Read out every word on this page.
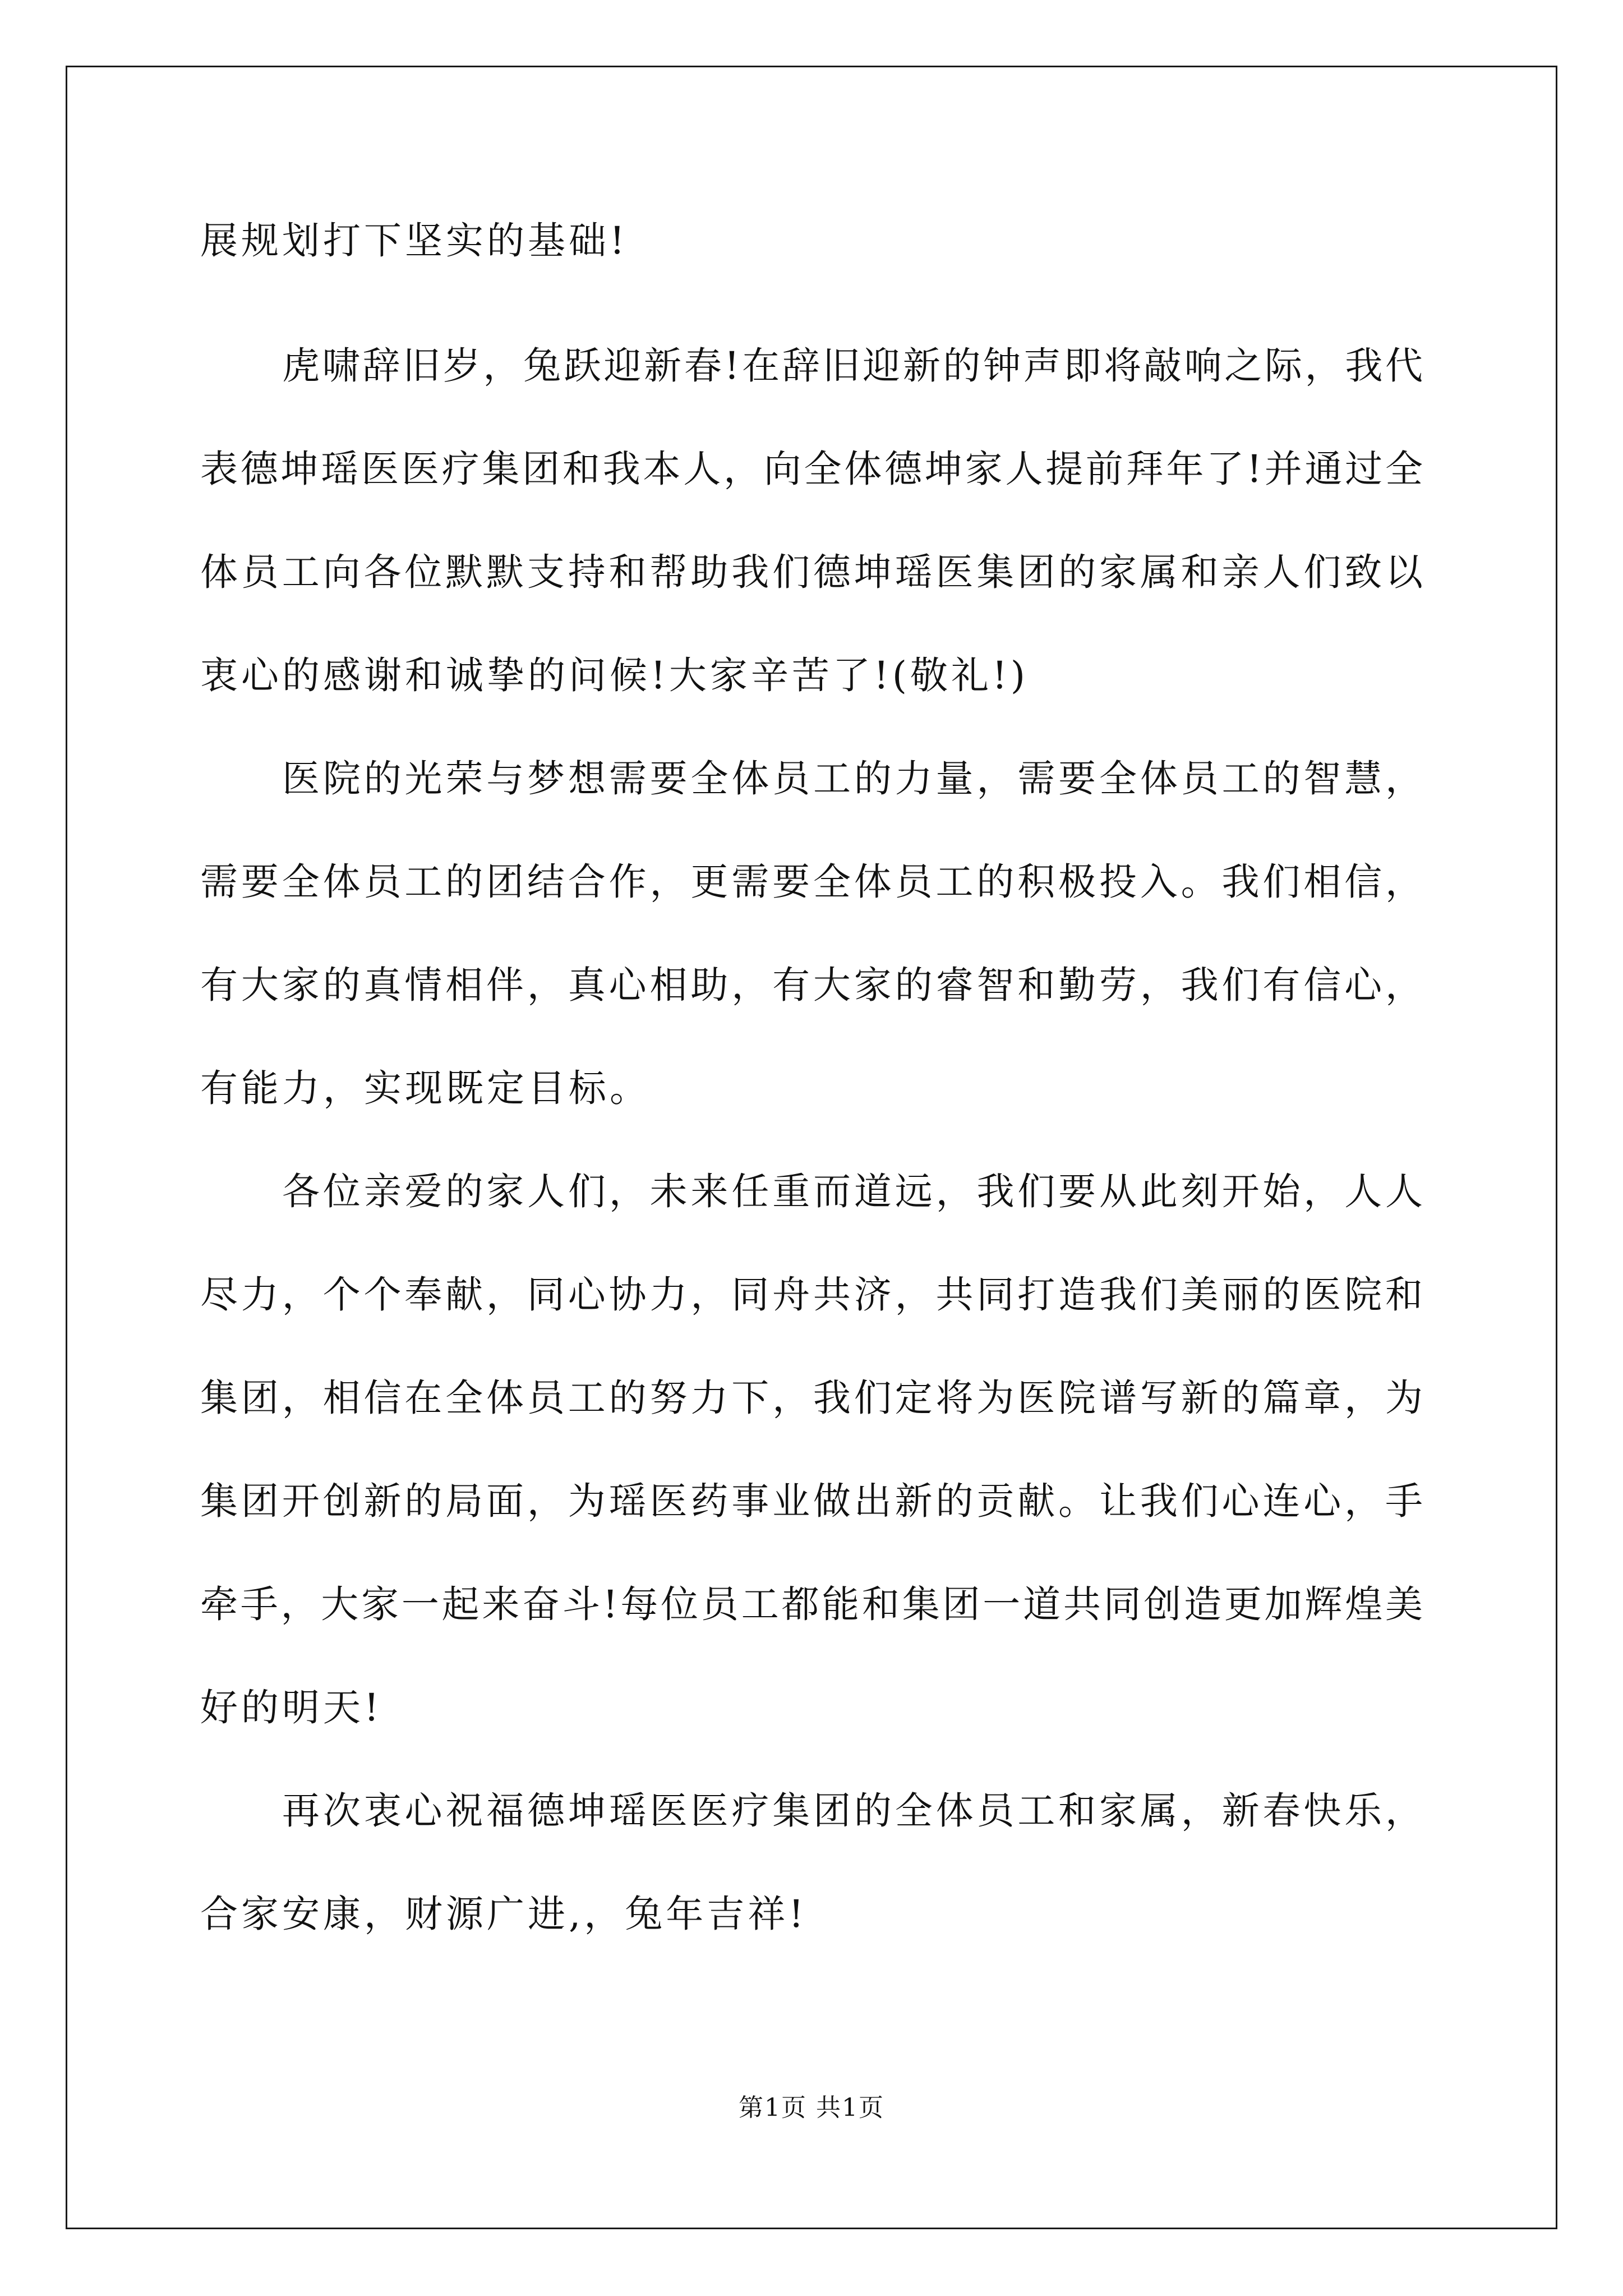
展规划打下坚实的基础!
虎啸辞旧岁，兔跃迎新春!在辞旧迎新的钟声即将敲响之际，我代
表德坤瑶医医疗集团和我本人，向全体德坤家人提前拜年了!并通过全
体员工向各位默默支持和帮助我们德坤瑶医集团的家属和亲人们致以
衷心的感谢和诚挚的问候!大家辛苦了!(敬礼!)
医院的光荣与梦想需要全体员工的力量，需要全体员工的智慧，
需要全体员工的团结合作，更需要全体员工的积极投入。我们相信，
有大家的真情相伴，真心相助，有大家的睿智和勤劳，我们有信心，
有能力，实现既定目标。
各位亲爱的家人们，未来任重而道远，我们要从此刻开始，人人
尽力，个个奉献，同心协力，同舟共济，共同打造我们美丽的医院和
集团，相信在全体员工的努力下，我们定将为医院谱写新的篇章，为
集团开创新的局面，为瑶医药事业做出新的贡献。让我们心连心，手
牵手，大家一起来奋斗!每位员工都能和集团一道共同创造更加辉煌美
好的明天!
再次衷心祝福德坤瑶医医疗集团的全体员工和家属，新春快乐，
合家安康，财源广进,，兔年吉祥!
第1页 共1页
